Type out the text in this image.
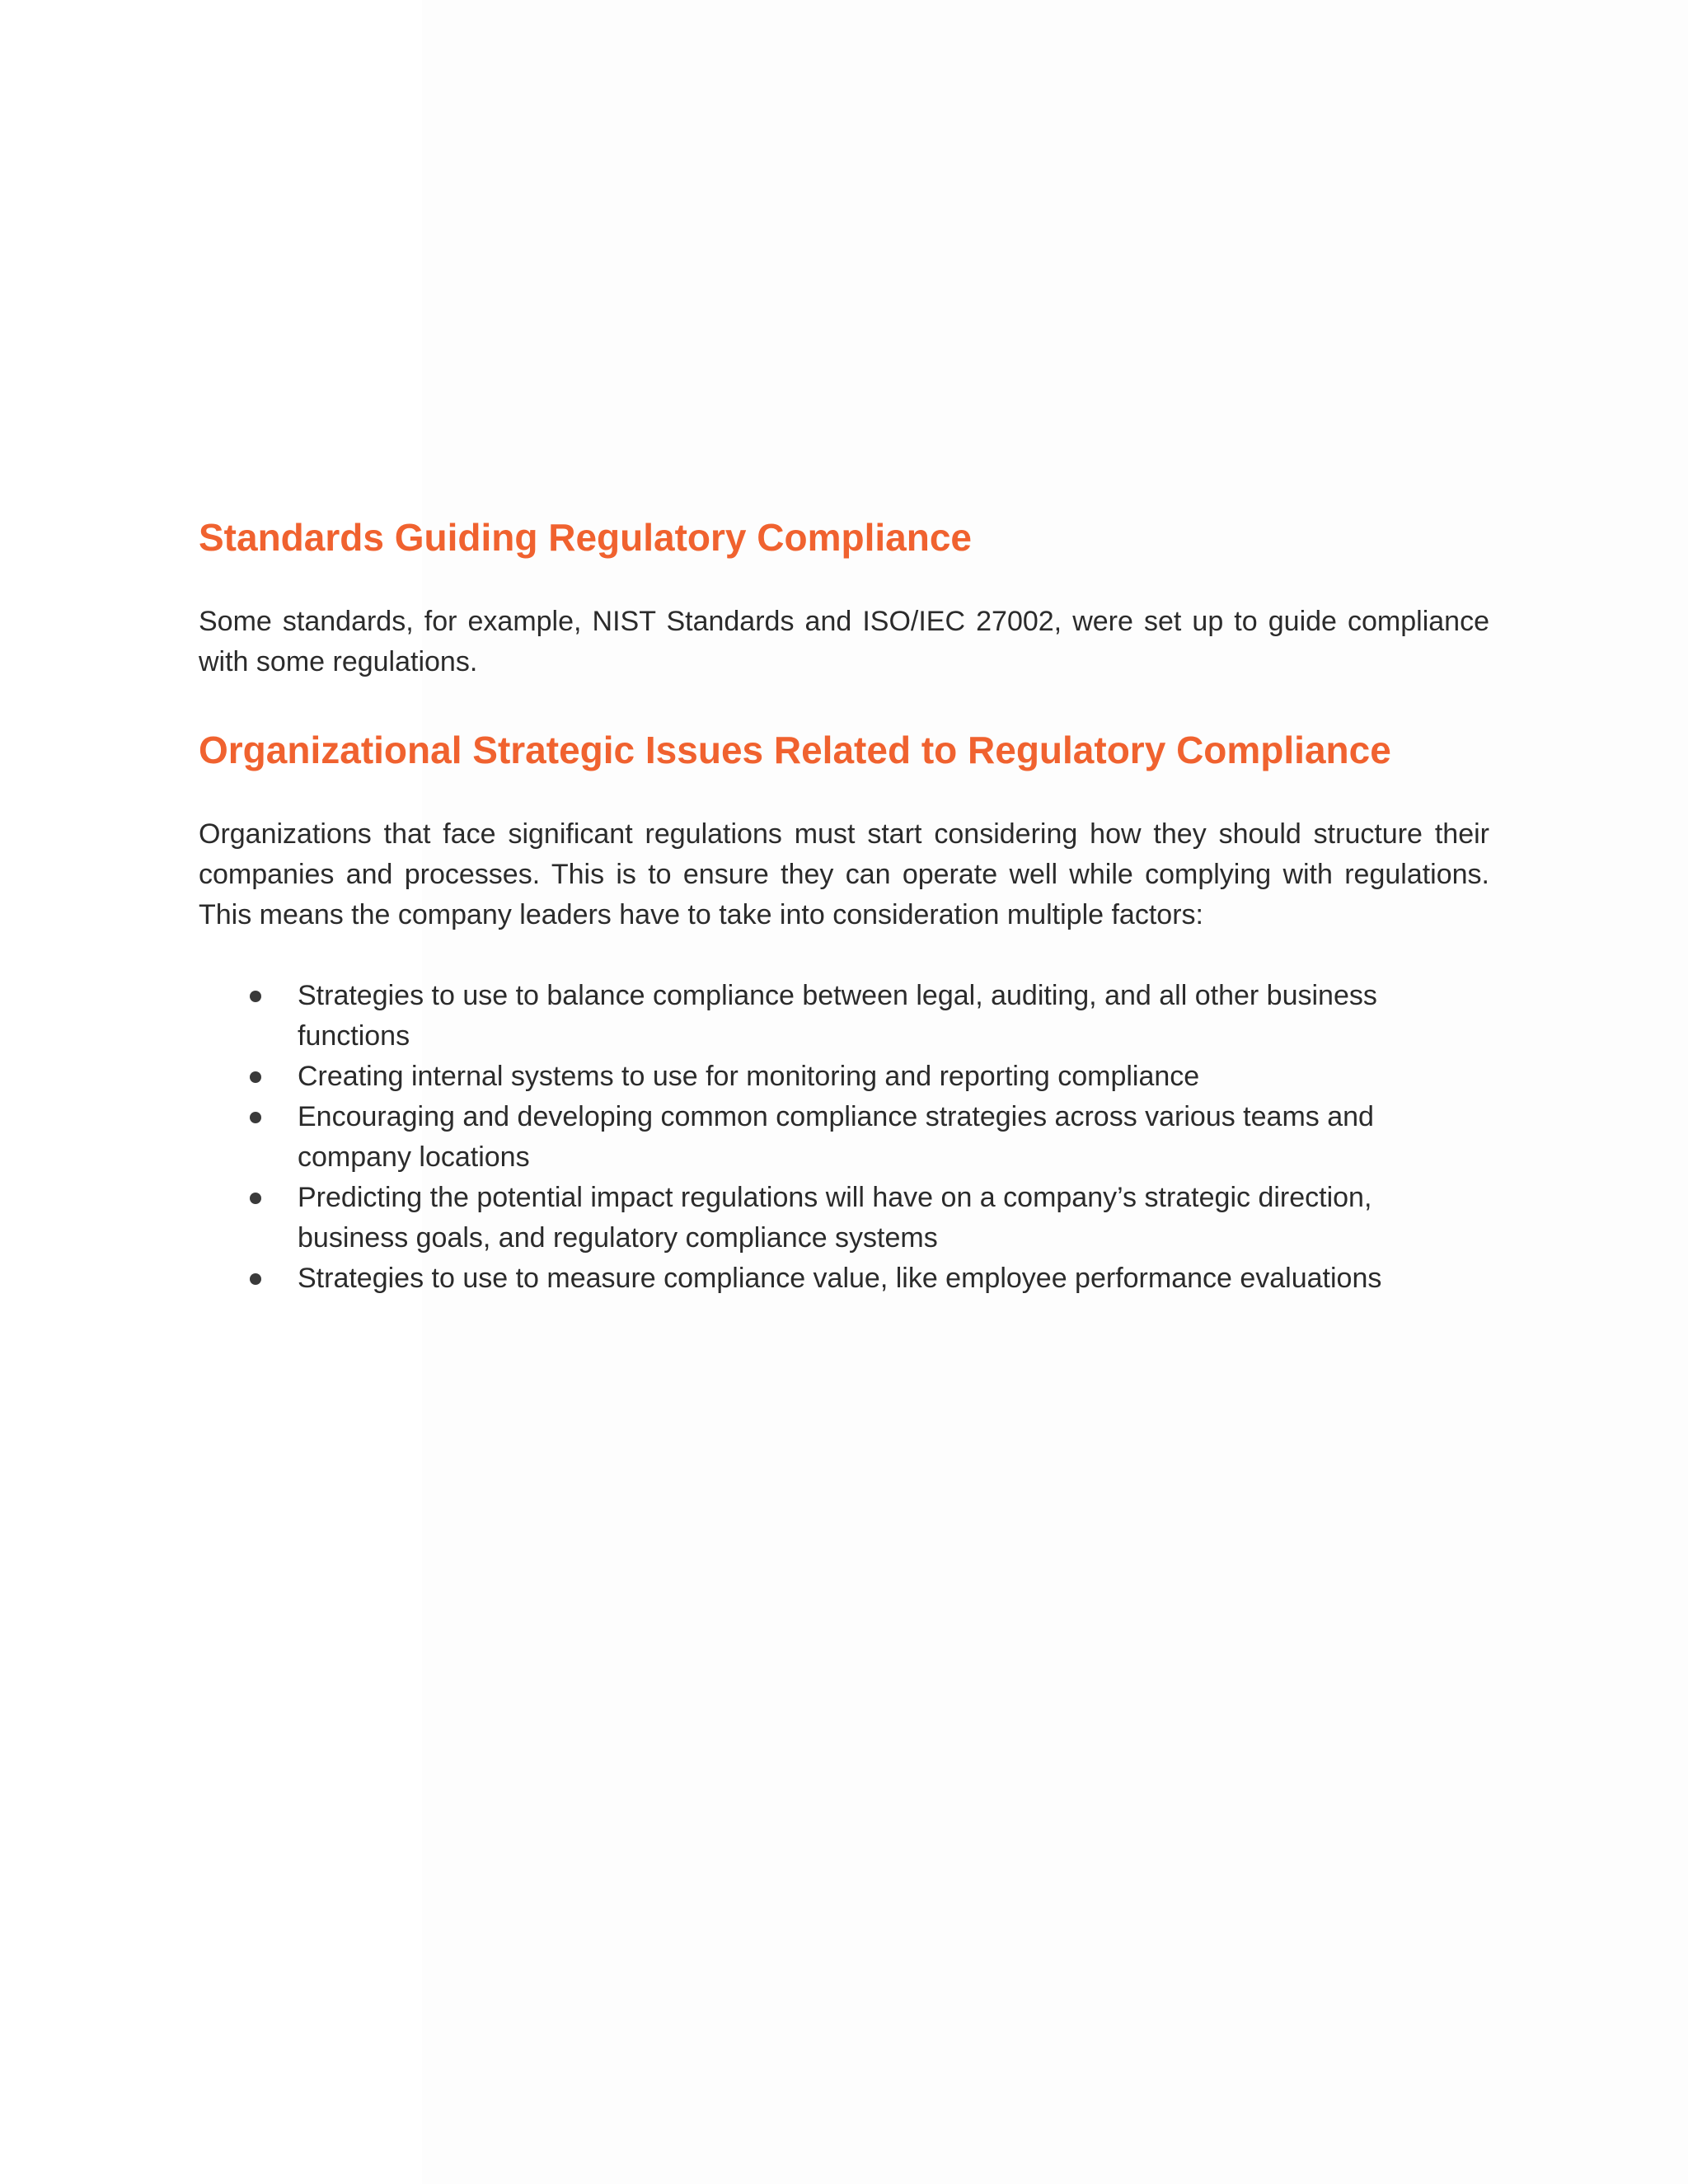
Standards Guiding Regulatory Compliance

Some standards, for example, NIST Standards and ISO/IEC 27002, were set up to guide compliance with some regulations.

Organizational Strategic Issues Related to Regulatory Compliance

Organizations that face significant regulations must start considering how they should structure their companies and processes. This is to ensure they can operate well while complying with regulations. This means the company leaders have to take into consideration multiple factors:

Strategies to use to balance compliance between legal, auditing, and all other business functions
Creating internal systems to use for monitoring and reporting compliance
Encouraging and developing common compliance strategies across various teams and company locations
Predicting the potential impact regulations will have on a company’s strategic direction, business goals, and regulatory compliance systems
Strategies to use to measure compliance value, like employee performance evaluations
